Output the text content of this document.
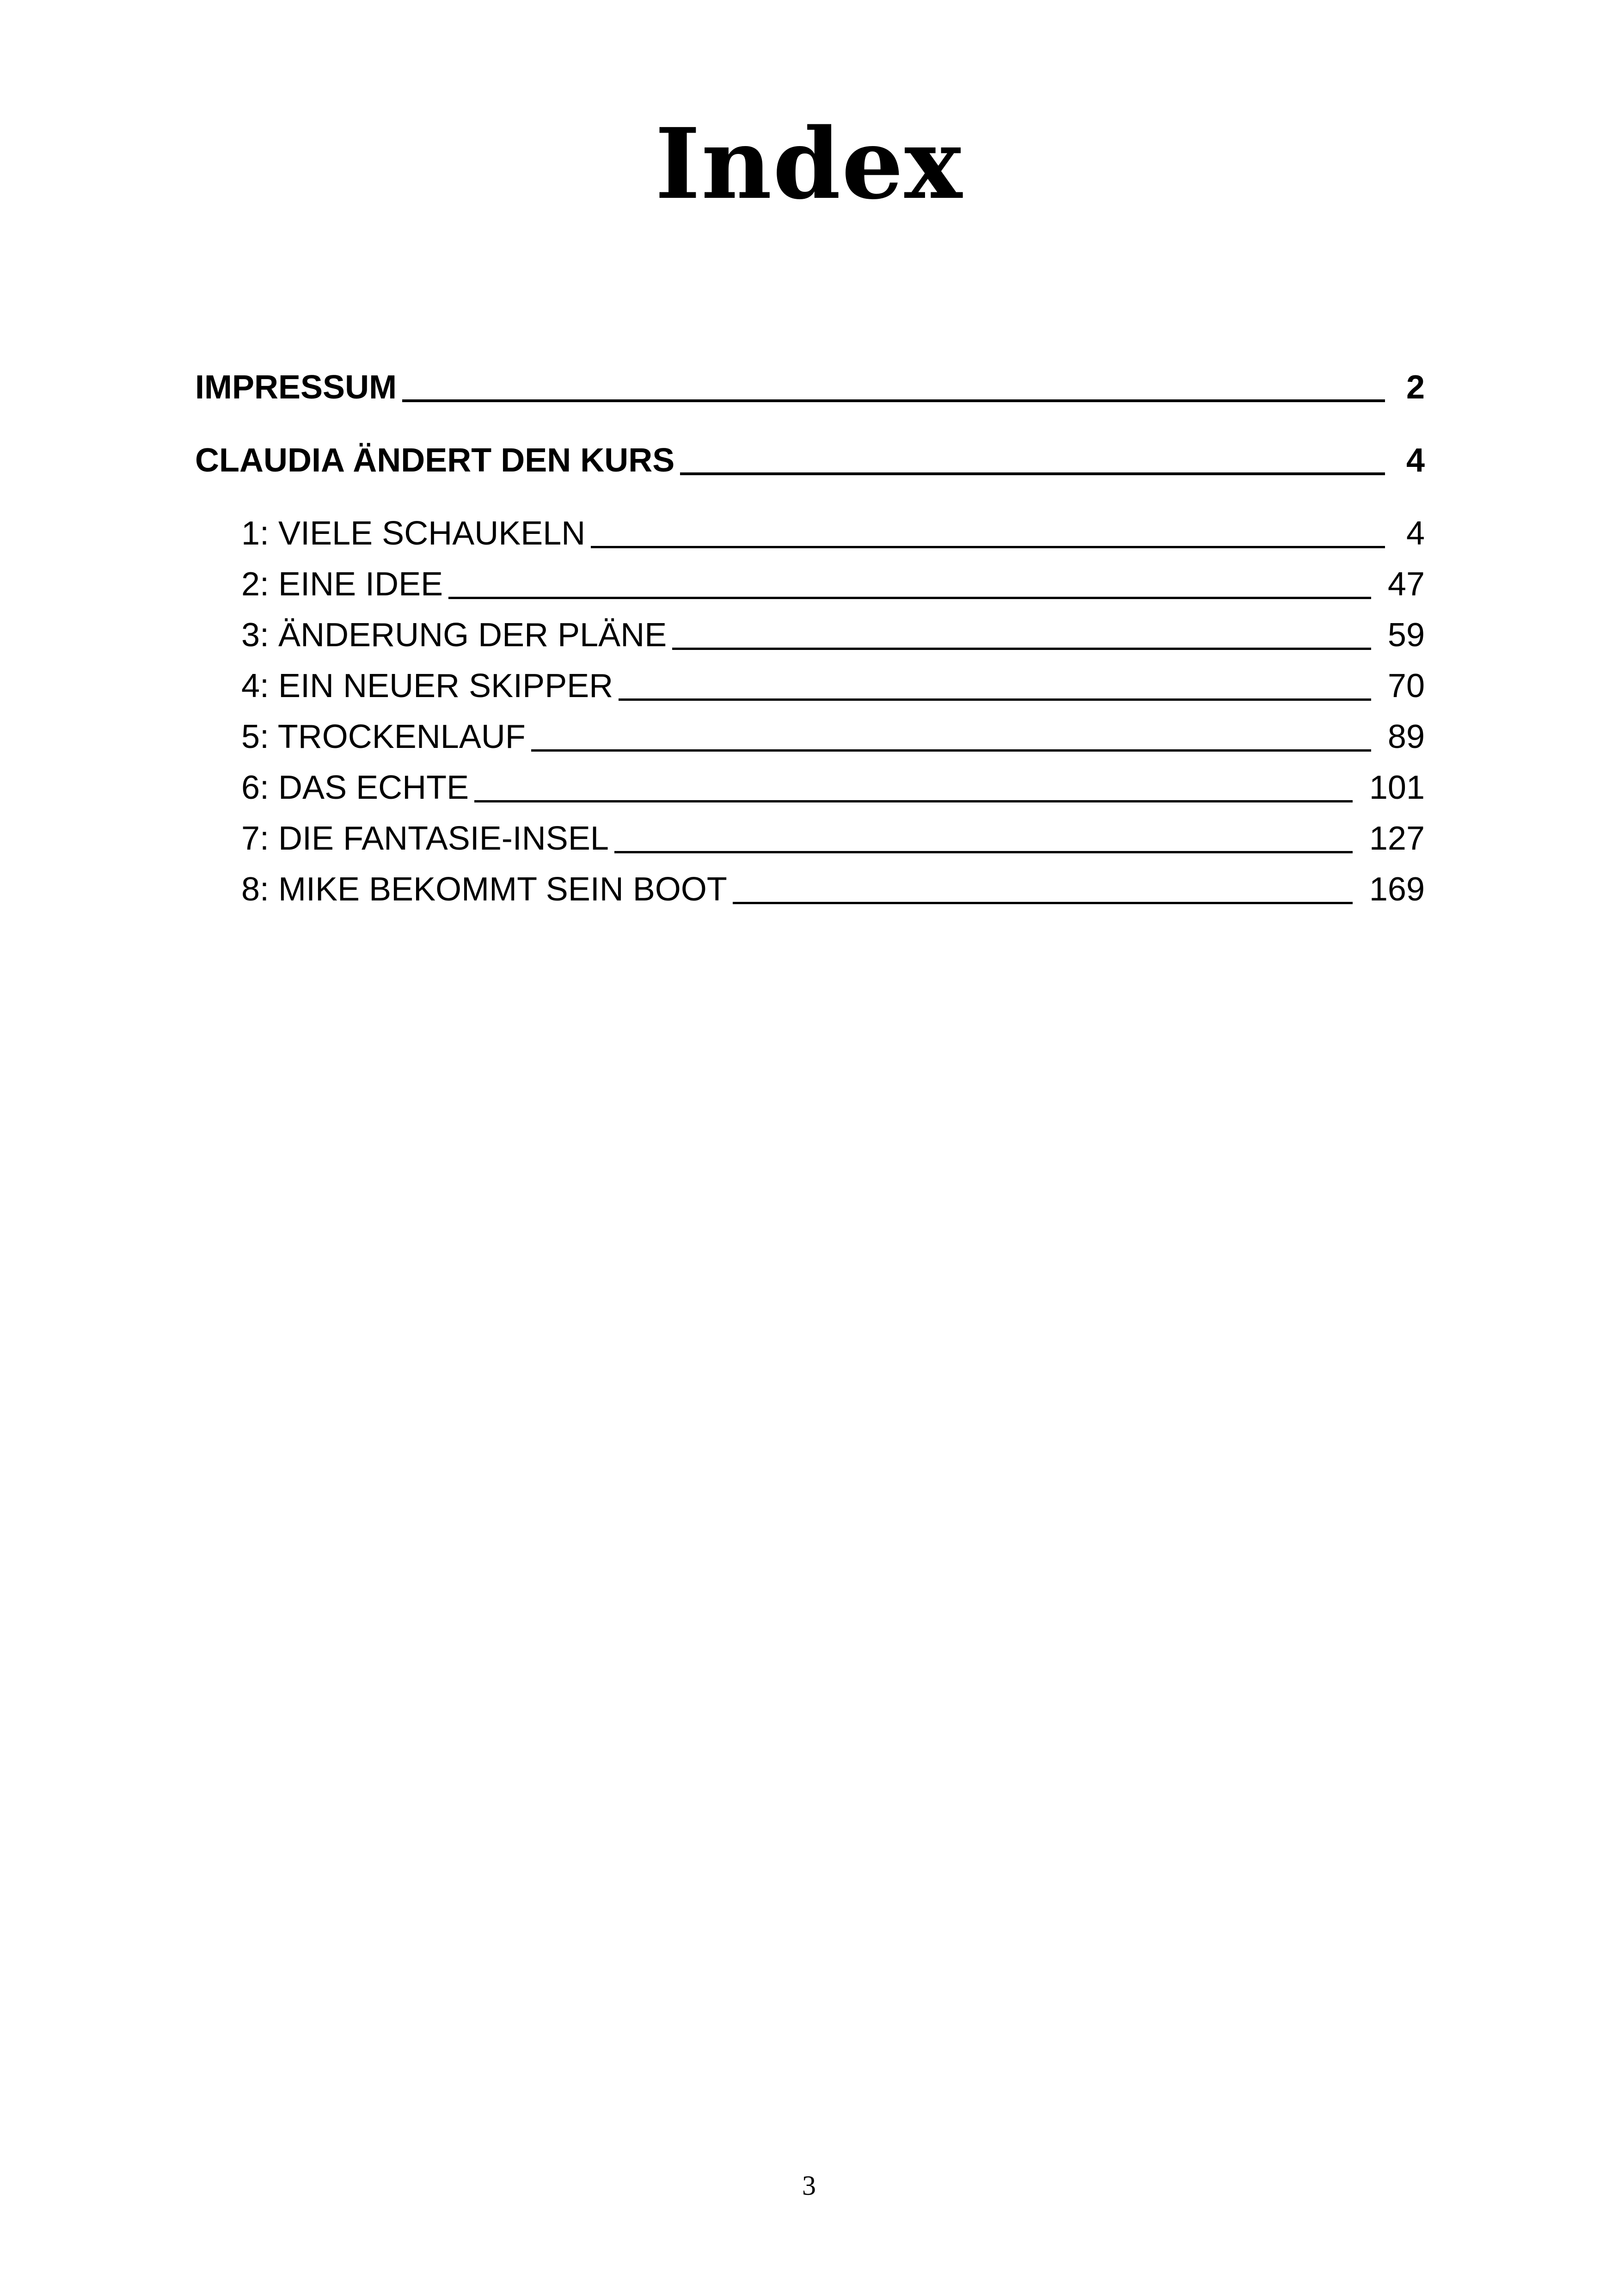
Index
IMPRESSUM	2
CLAUDIA ÄNDERT DEN KURS	4
1: VIELE SCHAUKELN	4
2: EINE IDEE	47
3: ÄNDERUNG DER PLÄNE	59
4: EIN NEUER SKIPPER	70
5: TROCKENLAUF	89
6: DAS ECHTE	101
7: DIE FANTASIE-INSEL	127
8: MIKE BEKOMMT SEIN BOOT	169
3
